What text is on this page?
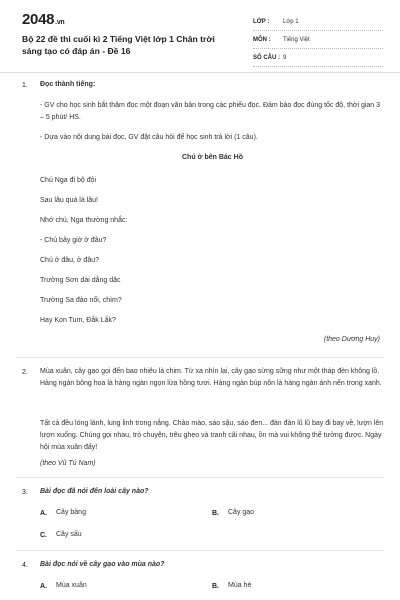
2048.vn
Bộ 22 đề thi cuối kì 2 Tiếng Việt lớp 1 Chân trời sáng tạo có đáp án - Đề 16
LỚP :	Lớp 1
MÔN :	Tiếng Việt
SỐ CÂU : 9
1. Đọc thành tiếng:
- GV cho học sinh bắt thăm đọc một đoạn văn bản trong các phiếu đọc. Đảm bảo đọc đúng tốc độ, thời gian 3 – 5 phút/ HS.
- Dựa vào nội dung bài đọc, GV đặt câu hỏi để học sinh trả lời (1 câu).
Chú ở bên Bác Hồ
Chú Nga đi bộ đội
Sau lâu quá là lâu!
Nhớ chú, Nga thường nhắc:
- Chú bây giờ ở đâu?
Chú ở đâu, ở đâu?
Trường Sơn dài dằng dặc
Trường Sa đảo nổi, chìm?
Hay Kon Tum, Đắk Lắk?
(theo Dương Huy)
2. Mùa xuân, cây gạo gọi đến bao nhiêu là chim. Từ xa nhìn lại, cây gạo sừng sững như một tháp đèn không lồ. Hàng ngàn bông hoa là hàng ngàn ngọn lửa hồng tươi. Hàng ngàn búp nõn là hàng ngàn ánh nến trong xanh.
Tất cả đều lóng lánh, lung linh trong nắng. Chào mào, sáo sậu, sáo đen... đàn đàn lũ lũ bay đi bay về, lượn lên lượn xuống. Chúng gọi nhau, trò chuyện, trêu ghẹo và tranh cãi nhau, ồn mà vui không thể tưởng được. Ngày hội mùa xuân đấy!
(theo Vũ Tú Nam)
3. Bài đọc đã nói đến loài cây nào?
A. Cây bàng	B. Cây gạo
C. Cây sấu
4. Bài đọc nói về cây gạo vào mùa nào?
A. Mùa xuân	B. Mùa hè
